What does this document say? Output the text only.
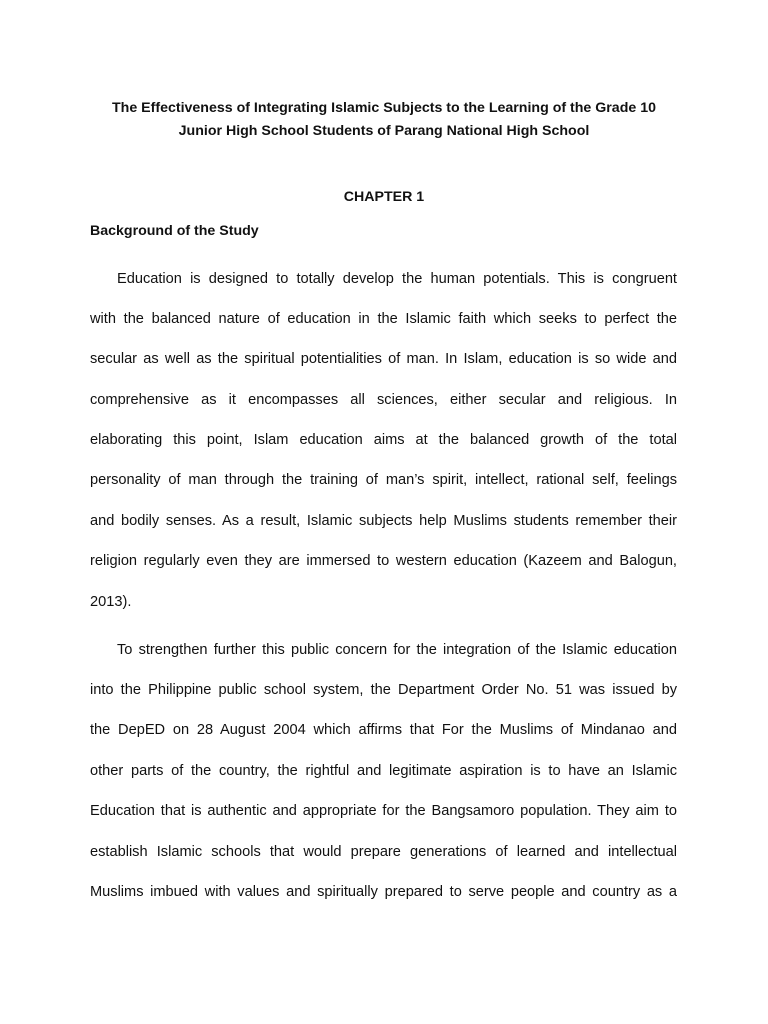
The Effectiveness of Integrating Islamic Subjects to the Learning of the Grade 10

Junior High School Students of Parang National High School

CHAPTER 1

Background of the Study

Education is designed to totally develop the human potentials. This is congruent

with the balanced nature of education in the Islamic faith which seeks to perfect the

secular as well as the spiritual potentialities of man. In Islam, education is so wide and

comprehensive as it encompasses all sciences, either secular and religious. In

elaborating this point, Islam education aims at the balanced growth of the total

personality of man through the training of man’s spirit, intellect, rational self, feelings

and bodily senses. As a result, Islamic subjects help Muslims students remember their

religion regularly even they are immersed to western education (Kazeem and Balogun,

2013).

To strengthen further this public concern for the integration of the Islamic education

into the Philippine public school system, the Department Order No. 51 was issued by

the DepED on 28 August 2004 which affirms that For the Muslims of Mindanao and

other parts of the country, the rightful and legitimate aspiration is to have an Islamic

Education that is authentic and appropriate for the Bangsamoro population. They aim to

establish Islamic schools that would prepare generations of learned and intellectual

Muslims imbued with values and spiritually prepared to serve people and country as a
